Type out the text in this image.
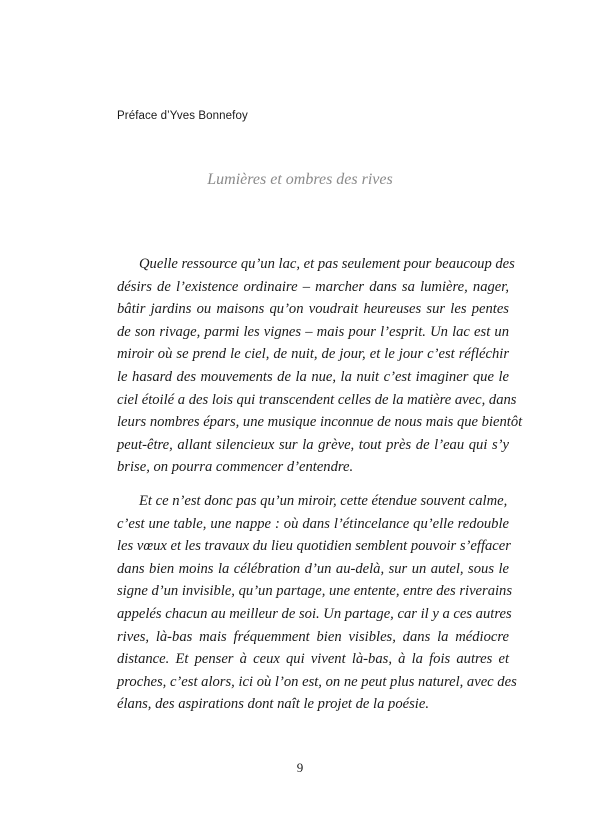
Préface d’Yves Bonnefoy
Lumières et ombres des rives
Quelle ressource qu’un lac, et pas seulement pour beaucoup des
désirs de l’existence ordinaire – marcher dans sa lumière, nager,
bâtir jardins ou maisons qu’on voudrait heureuses sur les pentes
de son rivage, parmi les vignes – mais pour l’esprit. Un lac est un
miroir où se prend le ciel, de nuit, de jour, et le jour c’est réfléchir
le hasard des mouvements de la nue, la nuit c’est imaginer que le
ciel étoilé a des lois qui transcendent celles de la matière avec, dans
leurs nombres épars, une musique inconnue de nous mais que bientôt
peut-être, allant silencieux sur la grève, tout près de l’eau qui s’y
brise, on pourra commencer d’entendre.
Et ce n’est donc pas qu’un miroir, cette étendue souvent calme,
c’est une table, une nappe : où dans l’étincelance qu’elle redouble
les vœux et les travaux du lieu quotidien semblent pouvoir s’effacer
dans bien moins la célébration d’un au-delà, sur un autel, sous le
signe d’un invisible, qu’un partage, une entente, entre des riverains
appelés chacun au meilleur de soi. Un partage, car il y a ces autres
rives, là-bas mais fréquemment bien visibles, dans la médiocre
distance. Et penser à ceux qui vivent là-bas, à la fois autres et
proches, c’est alors, ici où l’on est, on ne peut plus naturel, avec des
élans, des aspirations dont naît le projet de la poésie.
9
